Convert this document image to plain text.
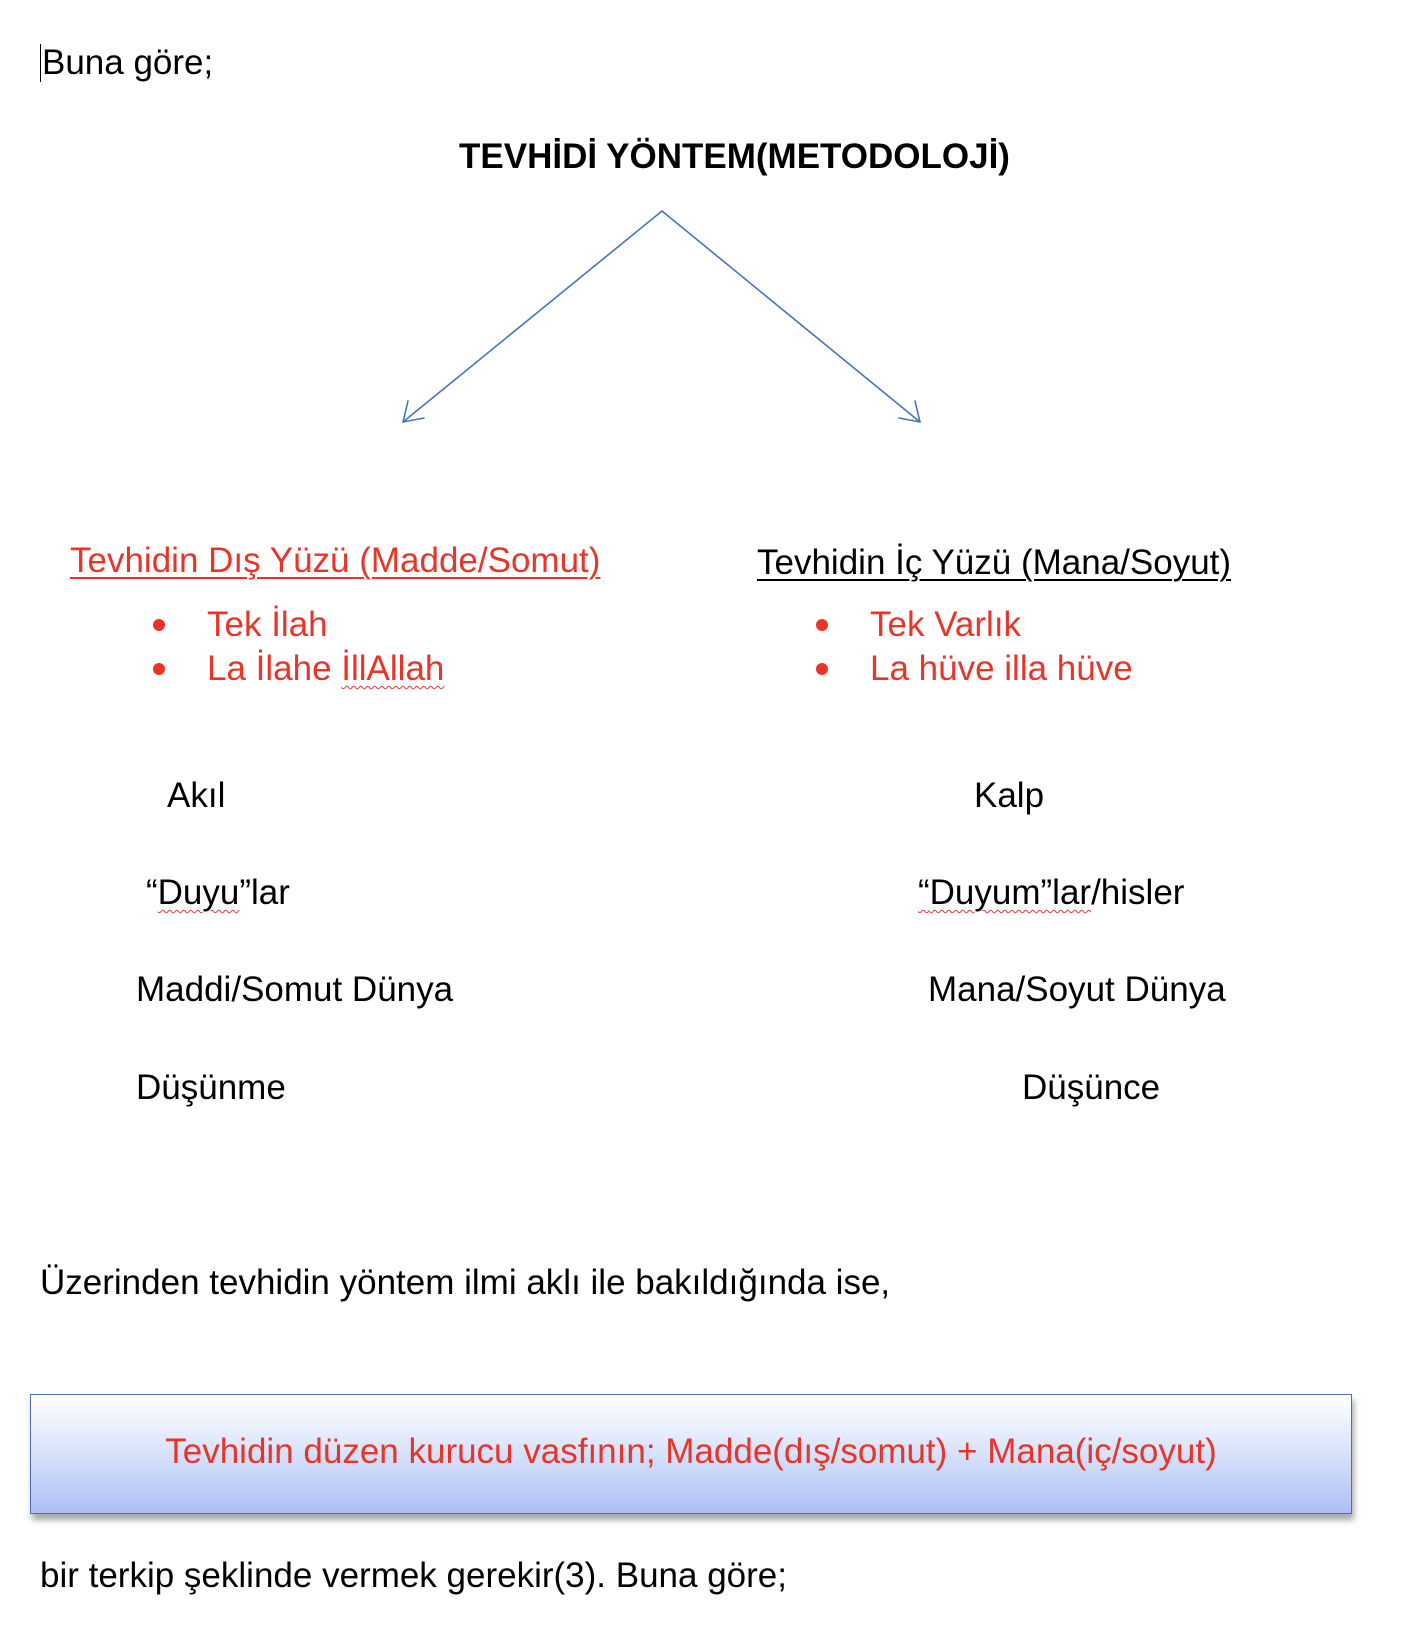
Buna göre;
TEVHİDİ YÖNTEM(METODOLOJİ)
Tevhidin Dış Yüzü (Madde/Somut)
Tek İlah
La İlahe İllAllah
Akıl
“Duyu”lar
Maddi/Somut Dünya
Düşünme
Tevhidin İç Yüzü (Mana/Soyut)
Tek Varlık
La hüve illa hüve
Kalp
“Duyum”lar/hisler
Mana/Soyut Dünya
Düşünce
Üzerinden tevhidin yöntem ilmi aklı ile bakıldığında ise,
Tevhidin düzen kurucu vasfının; Madde(dış/somut) + Mana(iç/soyut)
bir terkip şeklinde vermek gerekir(3). Buna göre;
